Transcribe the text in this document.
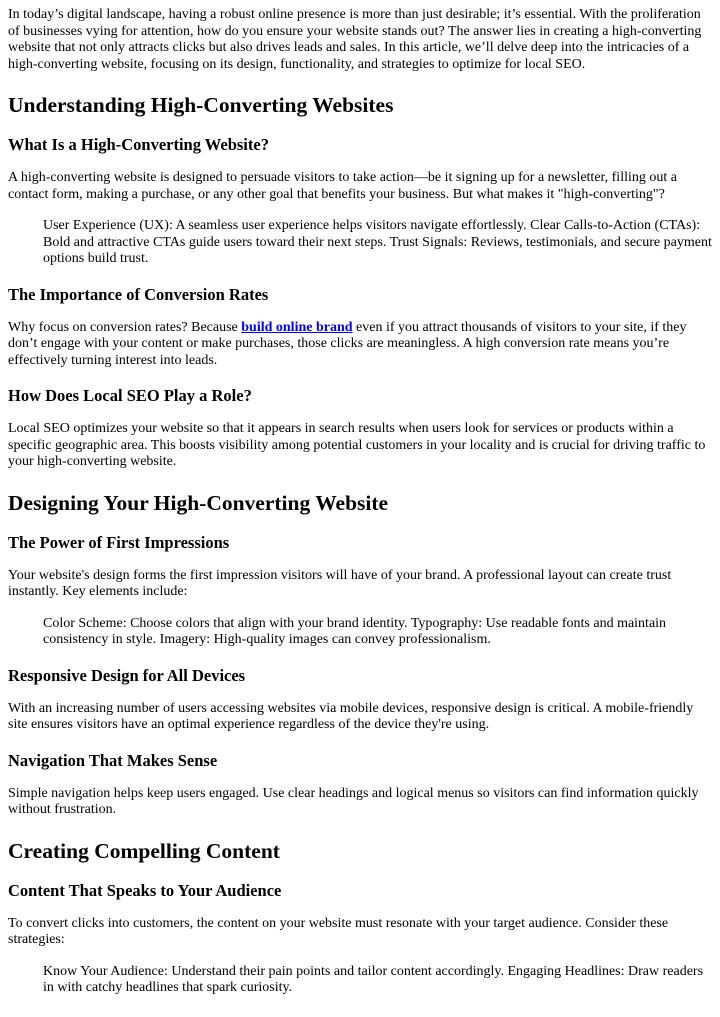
In today’s digital landscape, having a robust online presence is more than just desirable; it’s essential. With the proliferation of businesses vying for attention, how do you ensure your website stands out? The answer lies in creating a high-converting website that not only attracts clicks but also drives leads and sales. In this article, we’ll delve deep into the intricacies of a high-converting website, focusing on its design, functionality, and strategies to optimize for local SEO.

Understanding High-Converting Websites
What Is a High-Converting Website?

A high-converting website is designed to persuade visitors to take action—be it signing up for a newsletter, filling out a contact form, making a purchase, or any other goal that benefits your business. But what makes it "high-converting"?

User Experience (UX): A seamless user experience helps visitors navigate effortlessly. Clear Calls-to-Action (CTAs): Bold and attractive CTAs guide users toward their next steps. Trust Signals: Reviews, testimonials, and secure payment options build trust.
The Importance of Conversion Rates

Why focus on conversion rates? Because build online brand even if you attract thousands of visitors to your site, if they don’t engage with your content or make purchases, those clicks are meaningless. A high conversion rate means you’re effectively turning interest into leads.

How Does Local SEO Play a Role?

Local SEO optimizes your website so that it appears in search results when users look for services or products within a specific geographic area. This boosts visibility among potential customers in your locality and is crucial for driving traffic to your high-converting website.

Designing Your High-Converting Website
The Power of First Impressions

Your website's design forms the first impression visitors will have of your brand. A professional layout can create trust instantly. Key elements include:

Color Scheme: Choose colors that align with your brand identity. Typography: Use readable fonts and maintain consistency in style. Imagery: High-quality images can convey professionalism.
Responsive Design for All Devices

With an increasing number of users accessing websites via mobile devices, responsive design is critical. A mobile-friendly site ensures visitors have an optimal experience regardless of the device they're using.

Navigation That Makes Sense

Simple navigation helps keep users engaged. Use clear headings and logical menus so visitors can find information quickly without frustration.

Creating Compelling Content
Content That Speaks to Your Audience

To convert clicks into customers, the content on your website must resonate with your target audience. Consider these strategies:

Know Your Audience: Understand their pain points and tailor content accordingly. Engaging Headlines: Draw readers in with catchy headlines that spark curiosity.
